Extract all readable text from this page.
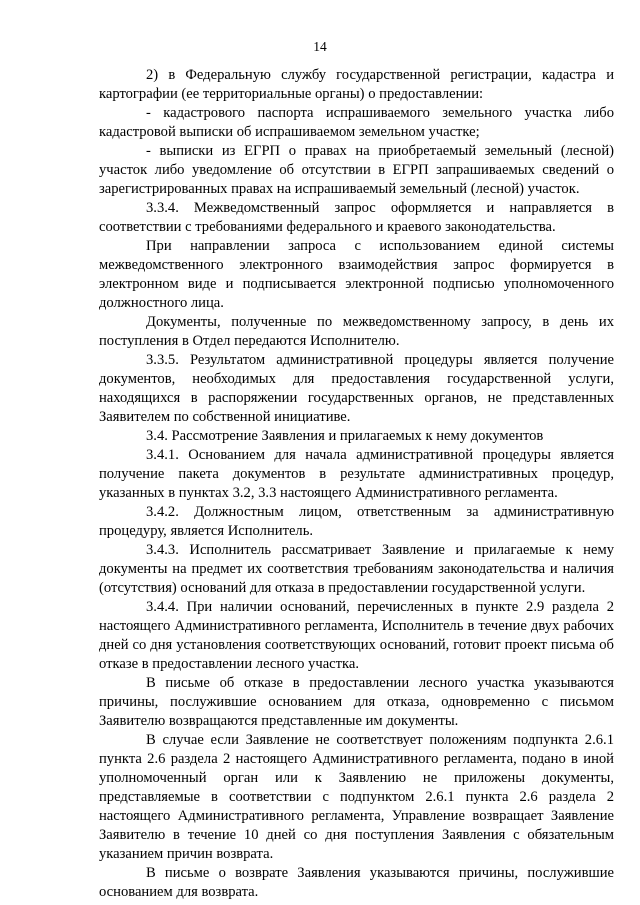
14

2) в Федеральную службу государственной регистрации, кадастра и картографии (ее территориальные органы) о предоставлении:

- кадастрового паспорта испрашиваемого земельного участка либо кадастровой выписки об испрашиваемом земельном участке;

- выписки из ЕГРП о правах на приобретаемый земельный (лесной) участок либо уведомление об отсутствии в ЕГРП запрашиваемых сведений о зарегистрированных правах на испрашиваемый земельный (лесной) участок.

3.3.4. Межведомственный запрос оформляется и направляется в соответствии с требованиями федерального и краевого законодательства.

При направлении запроса с использованием единой системы межведомственного электронного взаимодействия запрос формируется в электронном виде и подписывается электронной подписью уполномоченного должностного лица.

Документы, полученные по межведомственному запросу, в день их поступления в Отдел передаются Исполнителю.

3.3.5. Результатом административной процедуры является получение документов, необходимых для предоставления государственной услуги, находящихся в распоряжении государственных органов, не представленных Заявителем по собственной инициативе.

3.4. Рассмотрение Заявления и прилагаемых к нему документов

3.4.1. Основанием для начала административной процедуры является получение пакета документов в результате административных процедур, указанных в пунктах 3.2, 3.3 настоящего Административного регламента.

3.4.2. Должностным лицом, ответственным за административную процедуру, является Исполнитель.

3.4.3. Исполнитель рассматривает Заявление и прилагаемые к нему документы на предмет их соответствия требованиям законодательства и наличия (отсутствия) оснований для отказа в предоставлении государственной услуги.

3.4.4. При наличии оснований, перечисленных в пункте 2.9 раздела 2 настоящего Административного регламента, Исполнитель в течение двух рабочих дней со дня установления соответствующих оснований, готовит проект письма об отказе в предоставлении лесного участка.

В письме об отказе в предоставлении лесного участка указываются причины, послужившие основанием для отказа, одновременно с письмом Заявителю возвращаются представленные им документы.

В случае если Заявление не соответствует положениям подпункта 2.6.1 пункта 2.6 раздела 2 настоящего Административного регламента, подано в иной уполномоченный орган или к Заявлению не приложены документы, представляемые в соответствии с подпунктом 2.6.1 пункта 2.6 раздела 2 настоящего Административного регламента, Управление возвращает Заявление Заявителю в течение 10 дней со дня поступления Заявления с обязательным указанием причин возврата.

В письме о возврате Заявления указываются причины, послужившие основанием для возврата.
